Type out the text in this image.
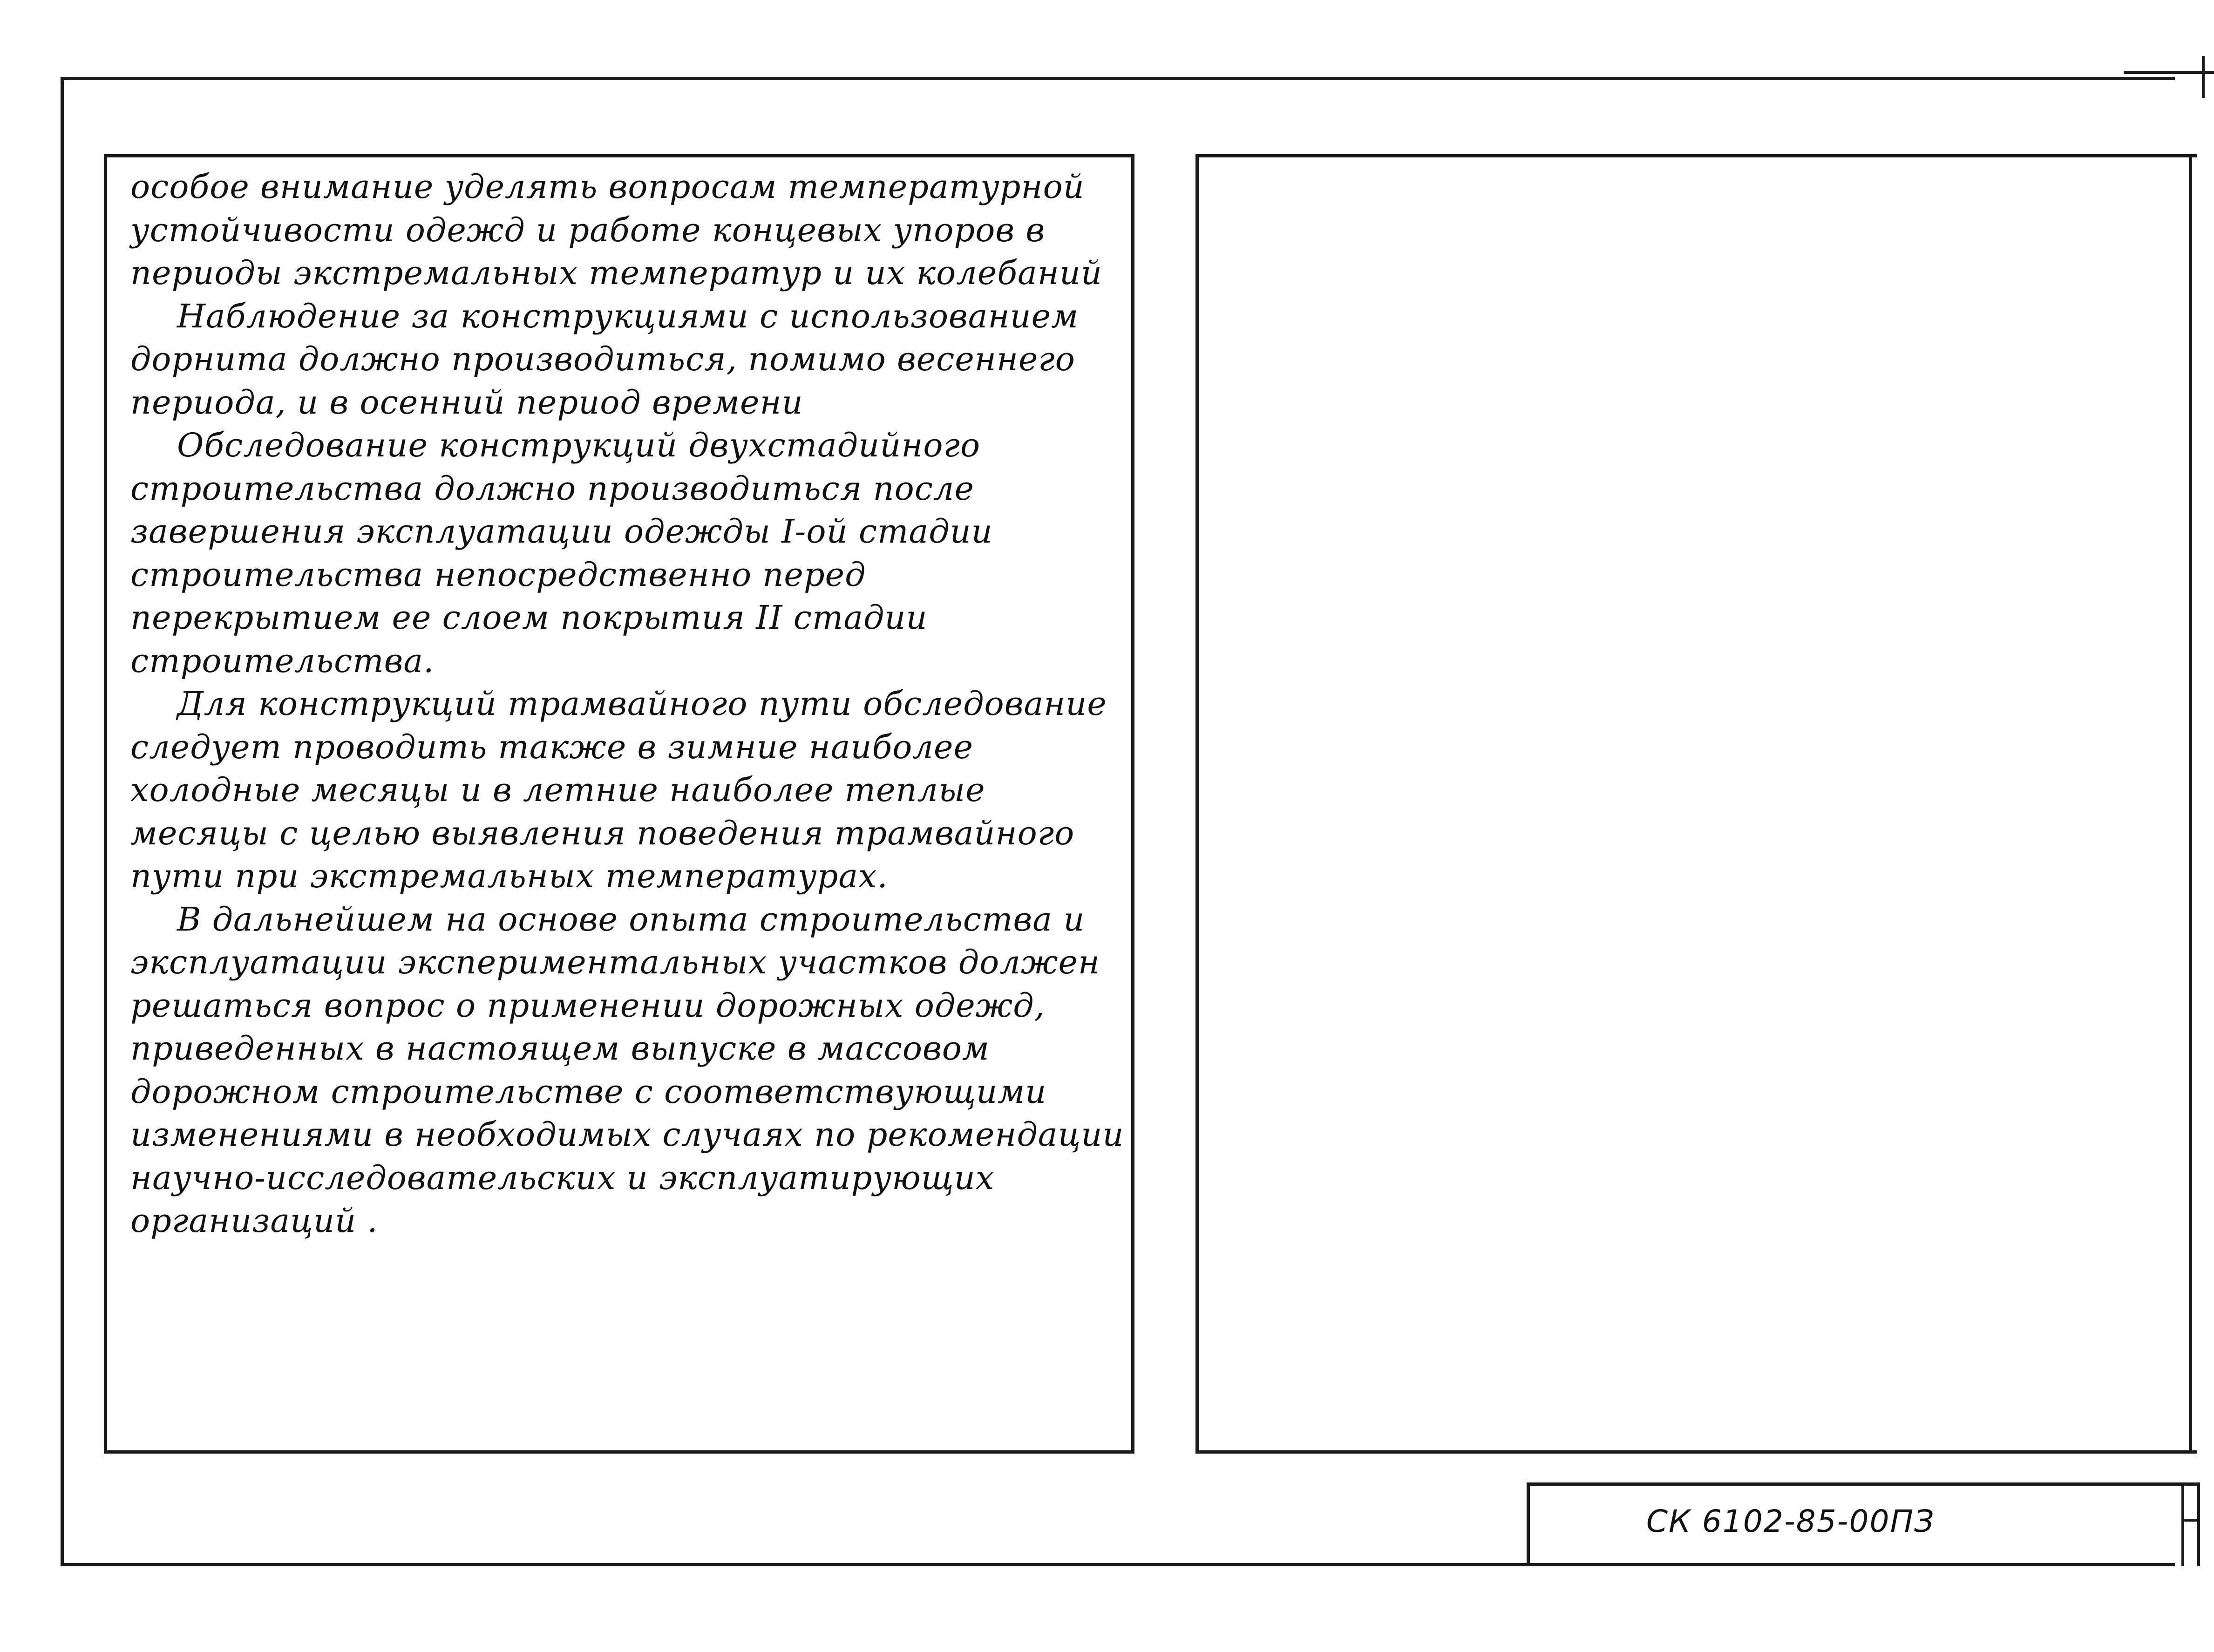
особое внимание уделять вопросам температурной устойчивости одежд и работе концевых упоров в периоды экстремальных температур и их колебаний

Наблюдение за конструкциями с использованием дорнита должно производиться, помимо весеннего периода, и в осенний период времени

Обследование конструкций двухстадийного строительства должно производиться после завершения эксплуатации одежды I-ой стадии строительства непосредственно перед перекрытием ее слоем покрытия II стадии строительства.

Для конструкций трамвайного пути обследование следует проводить также в зимние наиболее холодные месяцы и в летние наиболее теплые месяцы с целью выявления поведения трамвайного пути при экстремальных температурах.

В дальнейшем на основе опыта строительства и эксплуатации экспериментальных участков должен решаться вопрос о применении дорожных одежд, приведенных в настоящем выпуске в массовом дорожном строительстве с соответствующими изменениями в необходимых случаях по рекомендации научно-исследовательских и эксплуатирующих организаций .

СК 6102-85-00ПЗ
